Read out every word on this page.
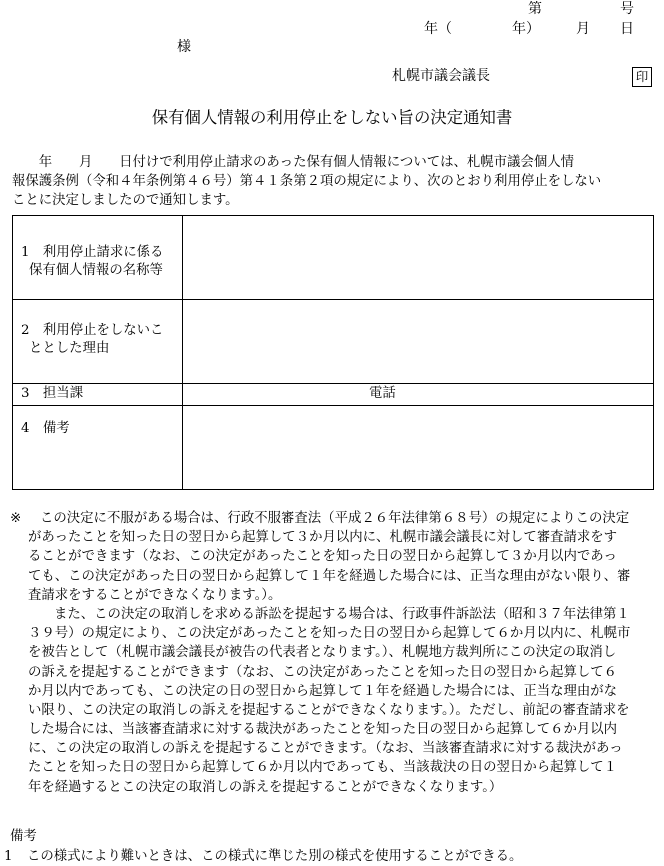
第	号
年（	年）	月 日
様
札幌市議会議長	印
保有個人情報の利用停止をしない旨の決定通知書
　　年　　月　　日付けで利用停止請求のあった保有個人情報については、札幌市議会個人情
報保護条例（令和４年条例第４６号）第４１条第２項の規定により、次のとおり利用停止をしない
ことに決定しましたので通知します。
1　利用停止請求に係る
保有個人情報の名称等	

2　利用停止をしないこ
ととした理由	

3　担当課	電話

4　備考	

※	この決定に不服がある場合は、行政不服審査法（平成２６年法律第６８号）の規定によりこの決定
があったことを知った日の翌日から起算して３か月以内に、札幌市議会議長に対して審査請求をす
ることができます（なお、この決定があったことを知った日の翌日から起算して３か月以内であっ
ても、この決定があった日の翌日から起算して１年を経過した場合には、正当な理由がない限り、審
査請求をすることができなくなります。）。
また、この決定の取消しを求める訴訟を提起する場合は、行政事件訴訟法（昭和３７年法律第１
３９号）の規定により、この決定があったことを知った日の翌日から起算して６か月以内に、札幌市
を被告として（札幌市議会議長が被告の代表者となります。）、札幌地方裁判所にこの決定の取消し
の訴えを提起することができます（なお、この決定があったことを知った日の翌日から起算して６
か月以内であっても、この決定の日の翌日から起算して１年を経過した場合には、正当な理由がな
い限り、この決定の取消しの訴えを提起することができなくなります。）。ただし、前記の審査請求を
した場合には、当該審査請求に対する裁決があったことを知った日の翌日から起算して６か月以内
に、この決定の取消しの訴えを提起することができます。（なお、当該審査請求に対する裁決があっ
たことを知った日の翌日から起算して６か月以内であっても、当該裁決の日の翌日から起算して１
年を経過するとこの決定の取消しの訴えを提起することができなくなります。）
備考
1 この様式により難いときは、この様式に準じた別の様式を使用することができる。
